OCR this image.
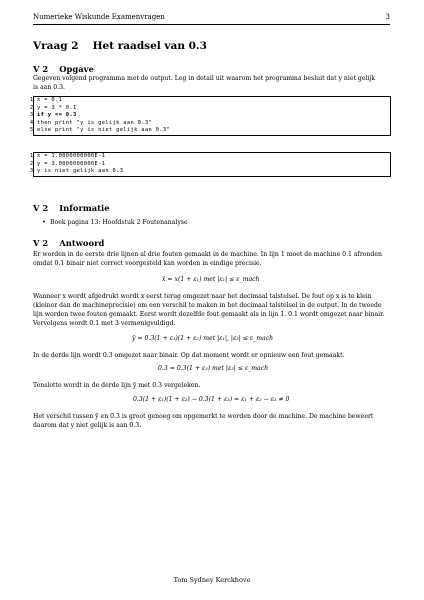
Numerieke Wiskunde Examenvragen	3
Vraag 2 Het raadsel van 0.3
V 2 Opgave

Gegeven volgend programma met de output. Leg in detail uit waarom het programma besluit dat y niet gelijk

is aan 0.3.

1 x = 0.1
2 y = 3 * 0.1
3 if y == 0.3
4 then print "y is gelijk aan 0.3"
5 else print "y is niet gelijk aan 0.3"
1 x = 1.0000000000E-1
2 y = 3.0000000000E-1
3 y is niet gelijk aan 0.3
V 2 Informatie
• Boek pagina 13: Hoofdstuk 2 Foutenanalyse
V 2 Antwoord

Er worden in de eerste drie lijnen al drie fouten gemaakt in de machine. In lijn 1 moet de machine 0.1 afronden

omdat 0.1 binair niet correct voorgesteld kan worden in eindige precisie.

x̄ = x(1 + ε₁) met |ε₁| ≤ ε_mach

Wanneer x wordt afgedrukt wordt x eerst terug omgezet naar het decimaal talstelsel. De fout op x is te klein

(kleiner dan de machineprecisie) om een verschil te maken in het decimaal talstelsel in de output. In de tweede

lijn worden twee fouten gemaakt. Eerst wordt dezelfde fout gemaakt als in lijn 1. 0.1 wordt omgezet naar binair.

Vervolgens wordt 0.1 met 3 vermenigvuldigd.

ȳ = 0.3(1 + ε₁)(1 + ε₂) met |ε₁|, |ε₂| ≤ ε_mach

In de derde lijn wordt 0.3 omgezet naar binair. Op dat moment wordt er opnieuw een fout gemaakt.

0.3 = 0.3(1 + ε₃) met |ε₃| ≤ ε_mach

Tenslotte wordt in de derde lijn ȳ met 0.3 vergeleken.

0.3(1 + ε₁)(1 + ε₂) − 0.3(1 + ε₃) = ε₁ + ε₂ − ε₃ ≠ 0

Het verschil tussen ȳ en 0.3 is groot genoeg om opgemerkt te worden door de machine. De machine beweert

daarom dat y niet gelijk is aan 0.3.

Tom Sydney Kerckhove
